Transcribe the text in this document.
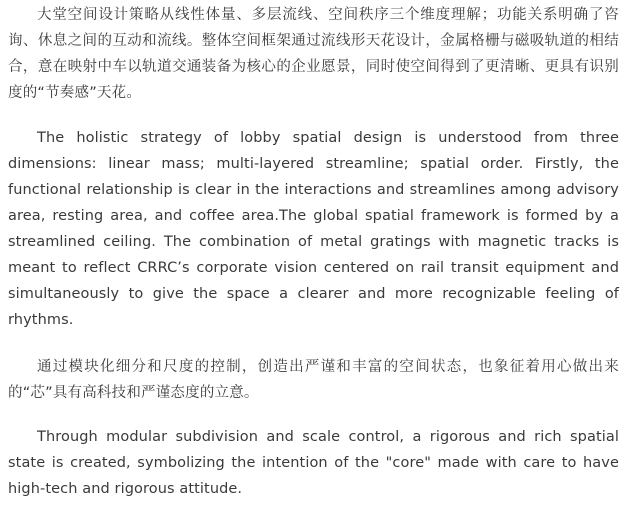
大堂空间设计策略从线性体量、多层流线、空间秩序三个维度理解；功能关系明确了咨询、休息之间的互动和流线。整体空间框架通过流线形天花设计，金属格栅与磁吸轨道的相结合，意在映射中车以轨道交通装备为核心的企业愿景，同时使空间得到了更清晰、更具有识别度的“节奏感”天花。

The holistic strategy of lobby spatial design is understood from three dimensions: linear mass; multi-layered streamline; spatial order. Firstly, the functional relationship is clear in the interactions and streamlines among advisory area, resting area, and coffee area.The global spatial framework is formed by a streamlined ceiling. The combination of metal gratings with magnetic tracks is meant to reflect CRRC’s corporate vision centered on rail transit equipment and simultaneously to give the space a clearer and more recognizable feeling of rhythms.

通过模块化细分和尺度的控制，创造出严谨和丰富的空间状态，也象征着用心做出来的“芯”具有高科技和严谨态度的立意。

Through modular subdivision and scale control, a rigorous and rich spatial state is created, symbolizing the intention of the "core" made with care to have high-tech and rigorous attitude.
